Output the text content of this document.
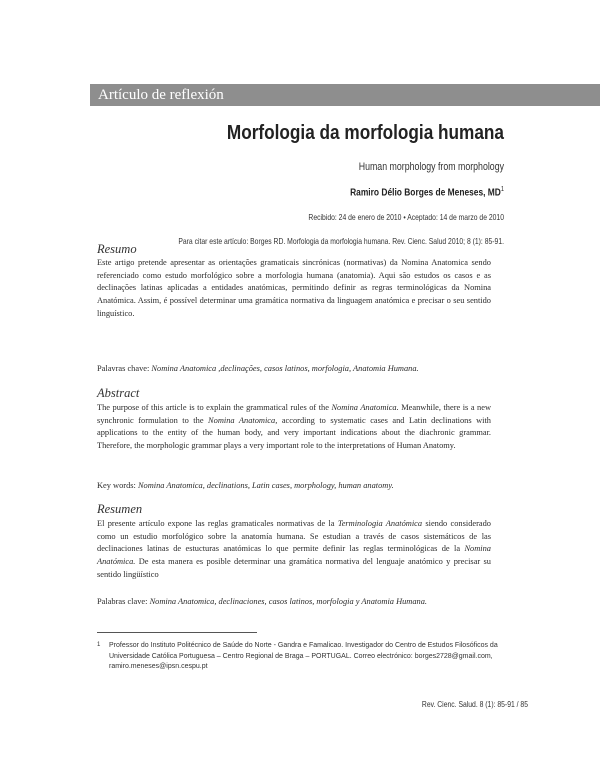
Artículo de reflexión
Morfologia da morfologia humana
Human morphology from morphology
Ramiro Délio Borges de Meneses, $MD^1$
Recibido: 24 de enero de 2010 • Aceptado: 14 de marzo de 2010
Para citar este artículo: Borges RD. Morfologia da morfologia humana. Rev. Cienc. Salud 2010; 8 (1): 85-91.
Resumo
Este artigo pretende apresentar as orientações gramaticais sincrónicas (normativas) da Nomina Anatomica sendo referenciado como estudo morfológico sobre a morfologia humana (anatomia). Aqui são estudos os casos e as declinações latinas aplicadas a entidades anatómicas, permitindo definir as regras terminológicas da Nomina Anatómica. Assim, é possível determinar uma gramática normativa da linguagem anatómica e precisar o seu sentido linguístico.
Palavras chave: Nomina Anatomica ,declinações, casos latinos, morfologia, Anatomia Humana.
Abstract
The purpose of this article is to explain the grammatical rules of the Nomina Anatomica. Meanwhile, there is a new synchronic formulation to the Nomina Anatomica, according to systematic cases and Latin declinations with applications to the entity of the human body, and very important indications about the diachronic grammar. Therefore, the morphologic grammar plays a very important role to the interpretations of Human Anatomy.
Key words: Nomina Anatomica, declinations, Latin cases, morphology, human anatomy.
Resumen
El presente artículo expone las reglas gramaticales normativas de la Terminologia Anatómica siendo considerado como un estudio morfológico sobre la anatomía humana. Se estudian a través de casos sistemáticos de las declinaciones latinas de estucturas anatómicas lo que permite definir las reglas terminológicas de la Nomina Anatómica. De esta manera es posible determinar una gramática normativa del lenguaje anatómico y precisar su sentido lingüístico
Palabras clave: Nomina Anatomica, declinaciones, casos latinos, morfologia y Anatomia Humana.
1	Professor do Instituto Politécnico de Saúde do Norte - Gandra e Famalicao. Investigador do Centro de Estudos Filosóficos da Universidade Católica Portuguesa – Centro Regional de Braga – PORTUGAL. Correo electrónico: borges2728@gmail.com, ramiro.meneses@ipsn.cespu.pt
Rev. Cienc. Salud. 8 (1): 85-91 / 85
